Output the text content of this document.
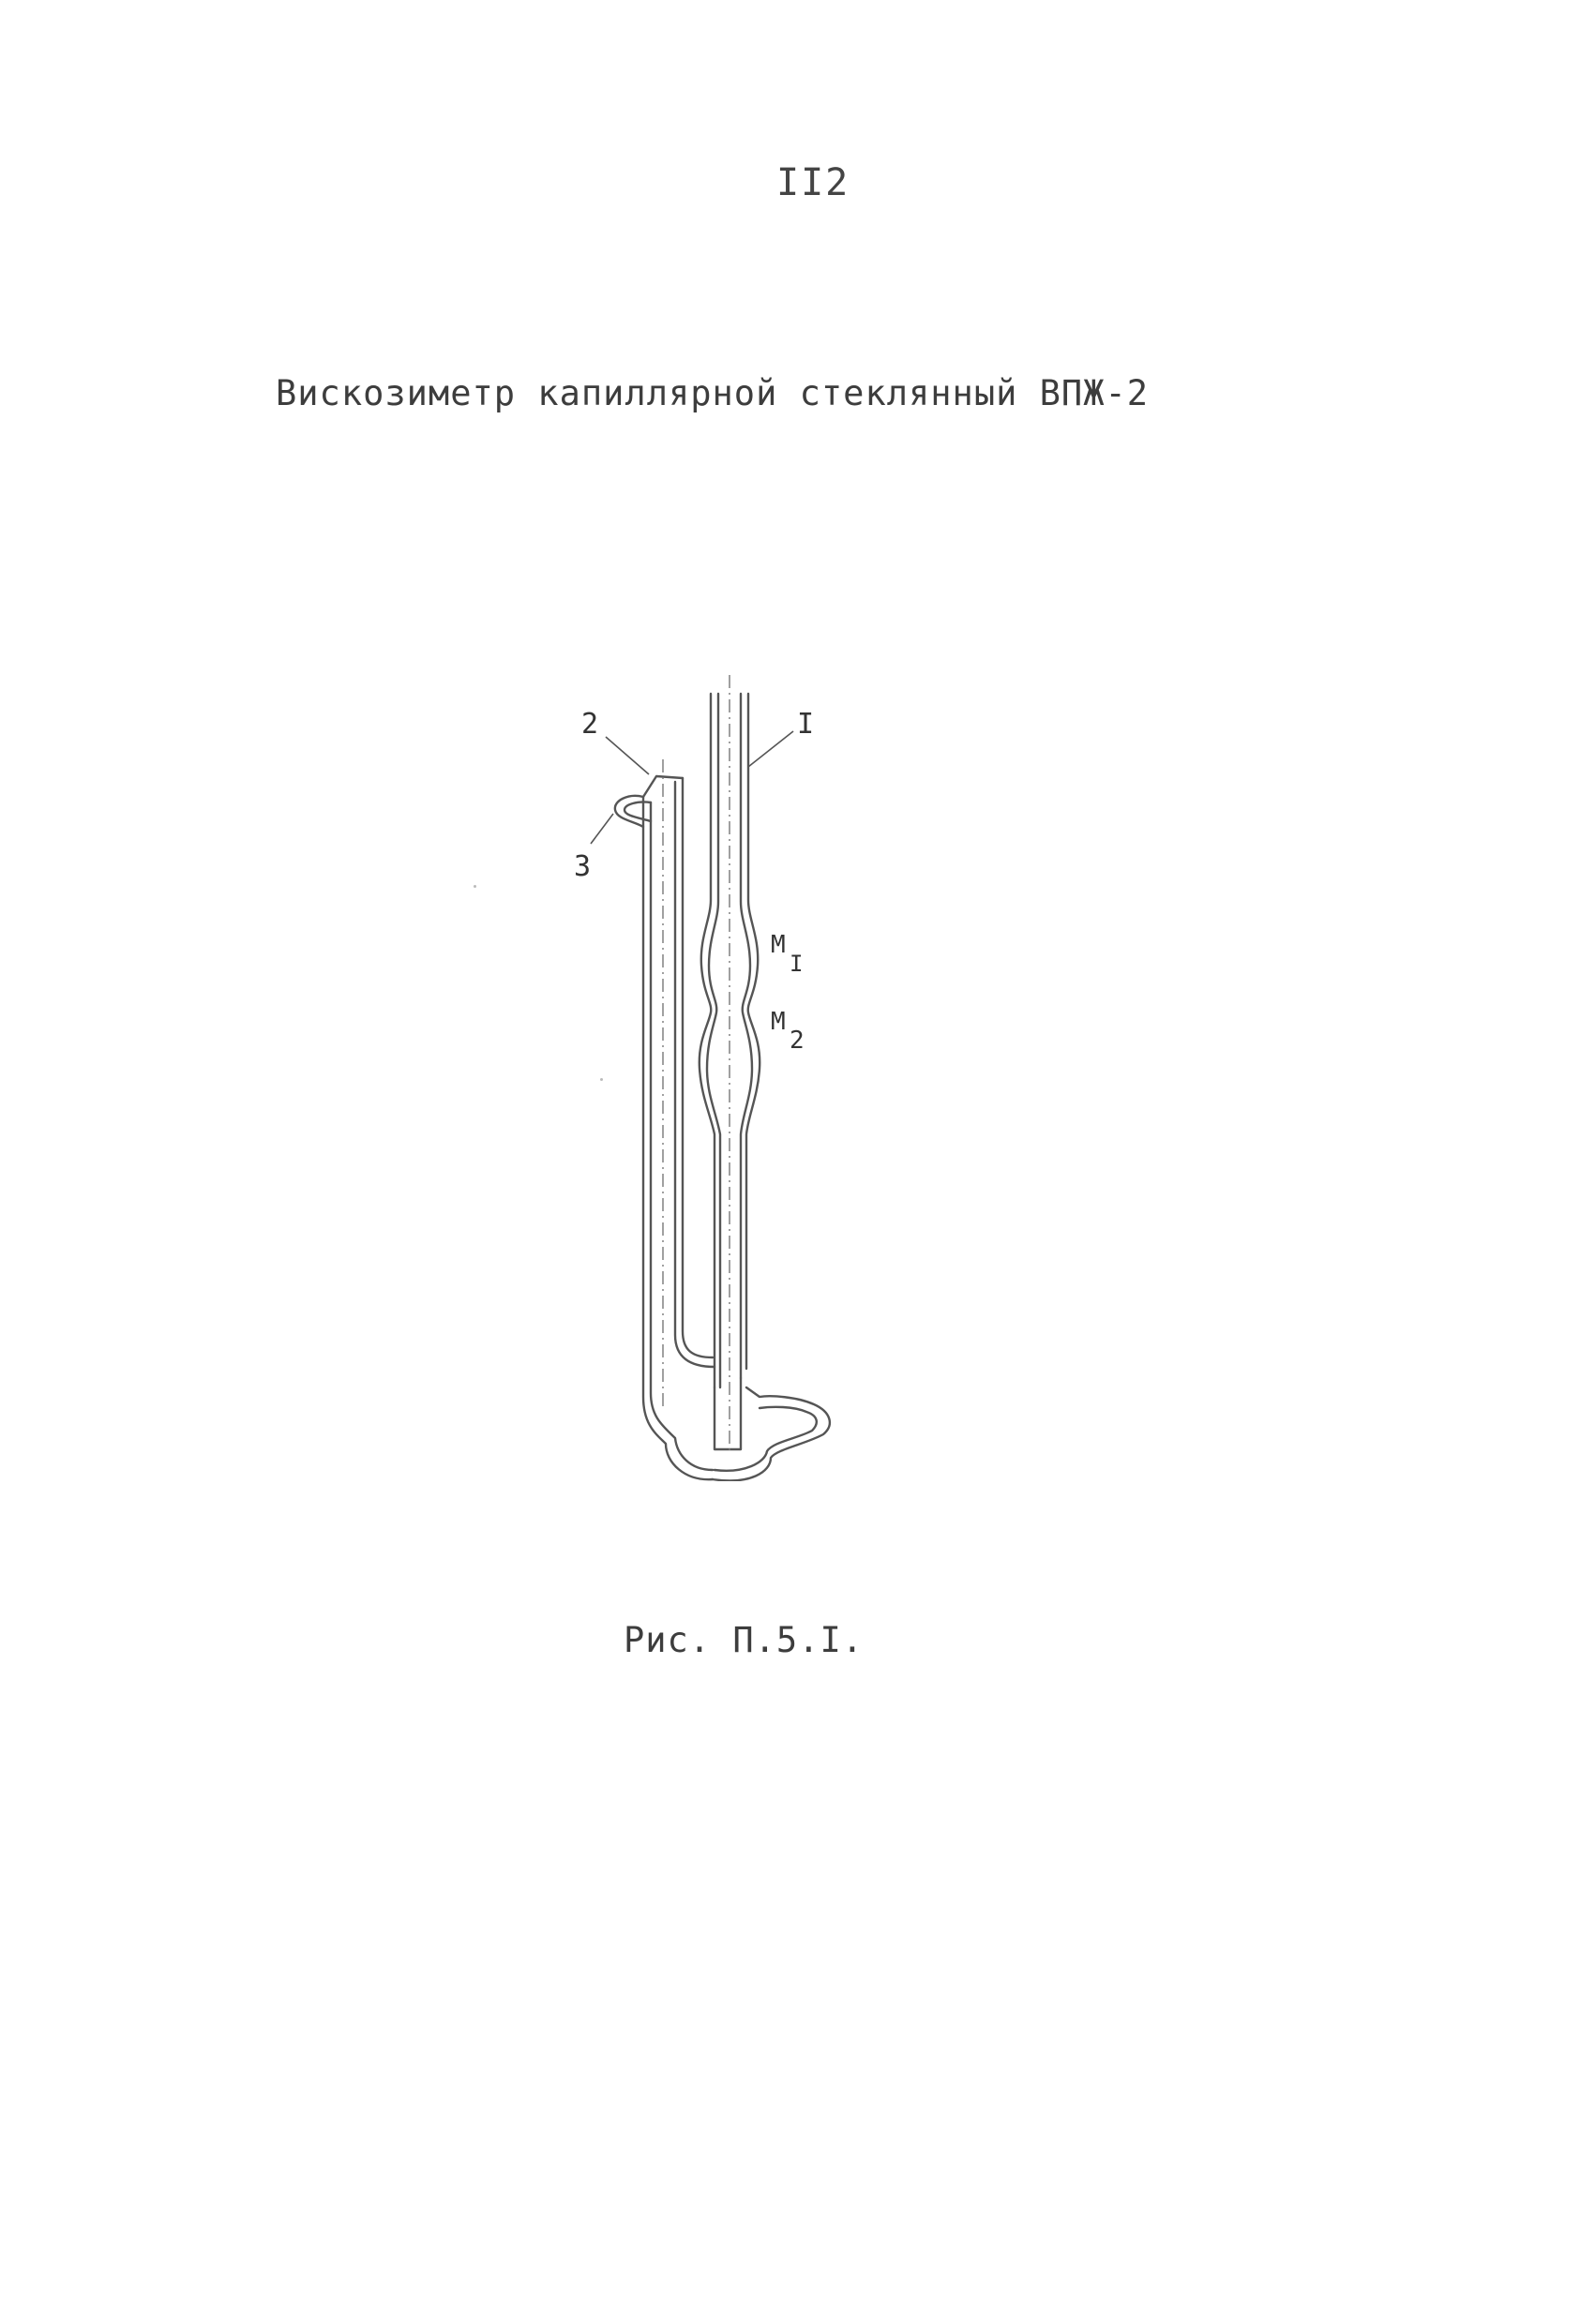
II2
Вискозиметр капиллярной стеклянный ВПЖ-2
I
2
3
M
I
M
2
Рис. П.5.I.
